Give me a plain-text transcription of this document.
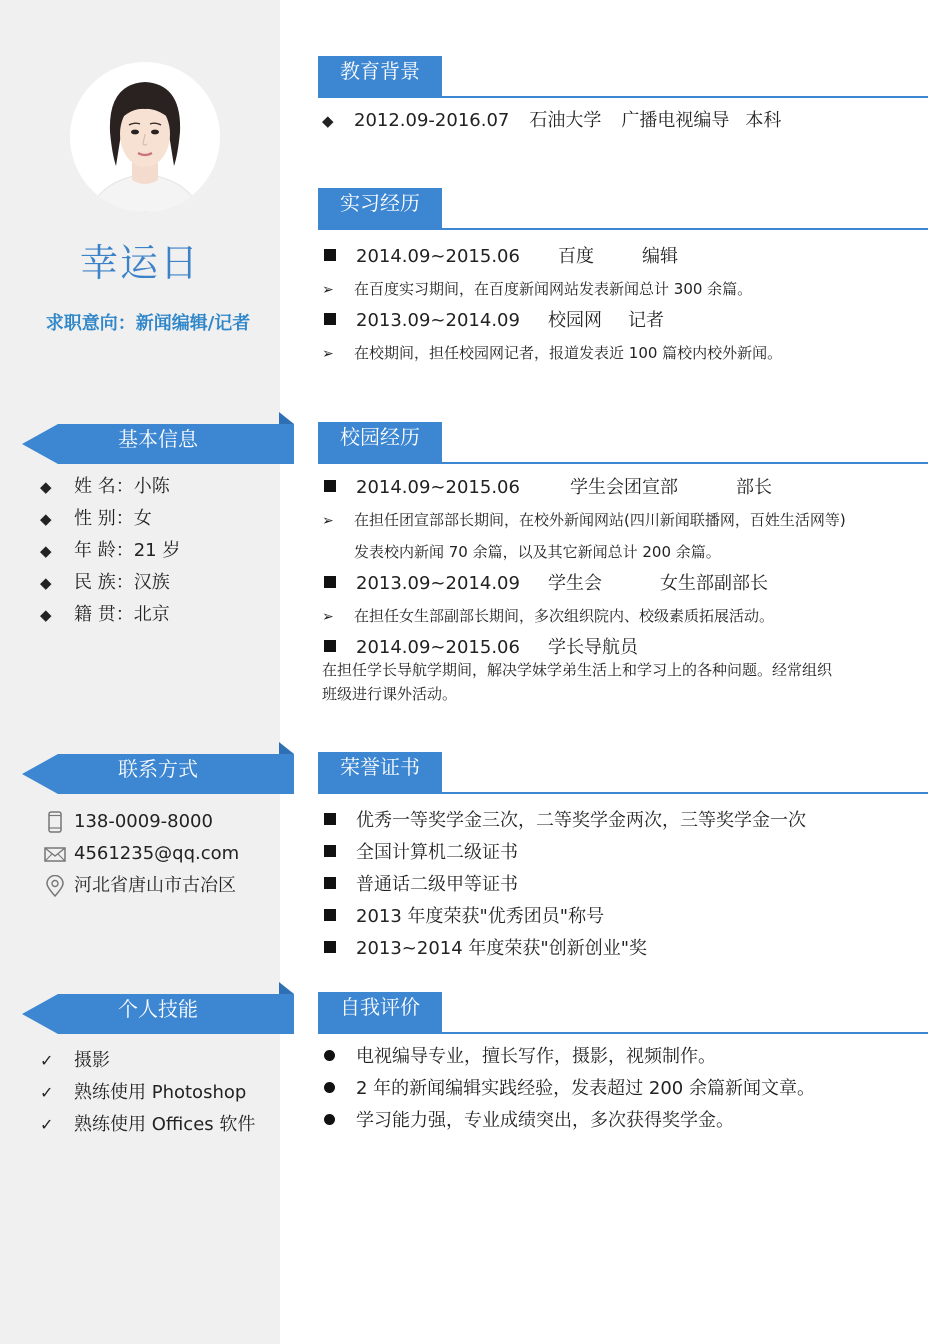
幸运日
求职意向：新闻编辑/记者
基本信息
◆ 姓 名：小陈
◆ 性 别：女
◆ 年 龄：21 岁
◆ 民 族：汉族
◆ 籍 贯：北京
联系方式
138-0009-8000
4561235@qq.com
河北省唐山市古冶区
个人技能
✓ 摄影
✓ 熟练使用 Photoshop
✓ 熟练使用 Offices 软件
教育背景
◆ 2012.09-2016.07 石油大学 广播电视编导 本科
实习经历
2014.09~2015.06 百度	编辑
➢ 在百度实习期间，在百度新闻网站发表新闻总计 300 余篇。
2013.09~2014.09 校园网 记者
➢ 在校期间，担任校园网记者，报道发表近 100 篇校内校外新闻。
校园经历
2014.09~2015.06	学生会团宣部	部长
➢ 在担任团宣部部长期间，在校外新闻网站(四川新闻联播网，百姓生活网等)
发表校内新闻 70 余篇，以及其它新闻总计 200 余篇。
2013.09~2014.09 学生会	女生部副部长
➢ 在担任女生部副部长期间，多次组织院内、校级素质拓展活动。
2014.09~2015.06 学长导航员
在担任学长导航学期间，解决学妹学弟生活上和学习上的各种问题。经常组织
班级进行课外活动。
荣誉证书
优秀一等奖学金三次，二等奖学金两次，三等奖学金一次
全国计算机二级证书
普通话二级甲等证书
2013 年度荣获"优秀团员"称号
2013~2014 年度荣获"创新创业"奖
自我评价
电视编导专业，擅长写作，摄影，视频制作。
2 年的新闻编辑实践经验，发表超过 200 余篇新闻文章。
学习能力强，专业成绩突出，多次获得奖学金。
